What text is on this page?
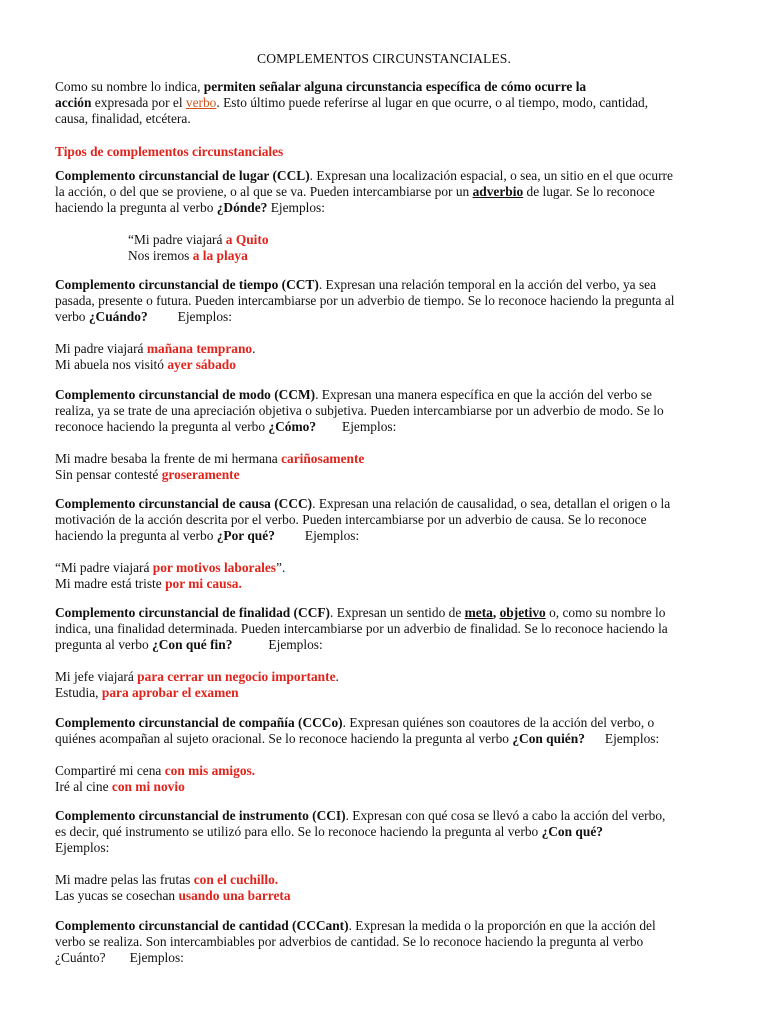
COMPLEMENTOS CIRCUNSTANCIALES.
Como su nombre lo indica, permiten señalar alguna circunstancia específica de cómo ocurre la
acción expresada por el verbo. Esto último puede referirse al lugar en que ocurre, o al tiempo, modo, cantidad,
causa, finalidad, etcétera.
Tipos de complementos circunstanciales
Complemento circunstancial de lugar (CCL). Expresan una localización espacial, o sea, un sitio en el que ocurre
la acción, o del que se proviene, o al que se va. Pueden intercambiarse por un adverbio de lugar. Se lo reconoce
haciendo la pregunta al verbo ¿Dónde? Ejemplos:
“Mi padre viajará a Quito
Nos iremos a la playa
Complemento circunstancial de tiempo (CCT). Expresan una relación temporal en la acción del verbo, ya sea
pasada, presente o futura. Pueden intercambiarse por un adverbio de tiempo. Se lo reconoce haciendo la pregunta al
verbo ¿Cuándo? Ejemplos:
Mi padre viajará mañana temprano.
Mi abuela nos visitó ayer sábado
Complemento circunstancial de modo (CCM). Expresan una manera específica en que la acción del verbo se
realiza, ya se trate de una apreciación objetiva o subjetiva. Pueden intercambiarse por un adverbio de modo. Se lo
reconoce haciendo la pregunta al verbo ¿Cómo? Ejemplos:
Mi madre besaba la frente de mi hermana cariñosamente
Sin pensar contesté groseramente
Complemento circunstancial de causa (CCC). Expresan una relación de causalidad, o sea, detallan el origen o la
motivación de la acción descrita por el verbo. Pueden intercambiarse por un adverbio de causa. Se lo reconoce
haciendo la pregunta al verbo ¿Por qué? Ejemplos:
“Mi padre viajará por motivos laborales”.
Mi madre está triste por mi causa.
Complemento circunstancial de finalidad (CCF). Expresan un sentido de meta, objetivo o, como su nombre lo
indica, una finalidad determinada. Pueden intercambiarse por un adverbio de finalidad. Se lo reconoce haciendo la
pregunta al verbo ¿Con qué fin?	Ejemplos:
Mi jefe viajará para cerrar un negocio importante.
Estudia, para aprobar el examen
Complemento circunstancial de compañía (CCCo). Expresan quiénes son coautores de la acción del verbo, o
quiénes acompañan al sujeto oracional. Se lo reconoce haciendo la pregunta al verbo ¿Con quién? Ejemplos:
Compartiré mi cena con mis amigos.
Iré al cine con mi novio
Complemento circunstancial de instrumento (CCI). Expresan con qué cosa se llevó a cabo la acción del verbo,
es decir, qué instrumento se utilizó para ello. Se lo reconoce haciendo la pregunta al verbo ¿Con qué?
Ejemplos:
Mi madre pelas las frutas con el cuchillo.
Las yucas se cosechan usando una barreta
Complemento circunstancial de cantidad (CCCant). Expresan la medida o la proporción en que la acción del
verbo se realiza. Son intercambiables por adverbios de cantidad. Se lo reconoce haciendo la pregunta al verbo
¿Cuánto? Ejemplos:
